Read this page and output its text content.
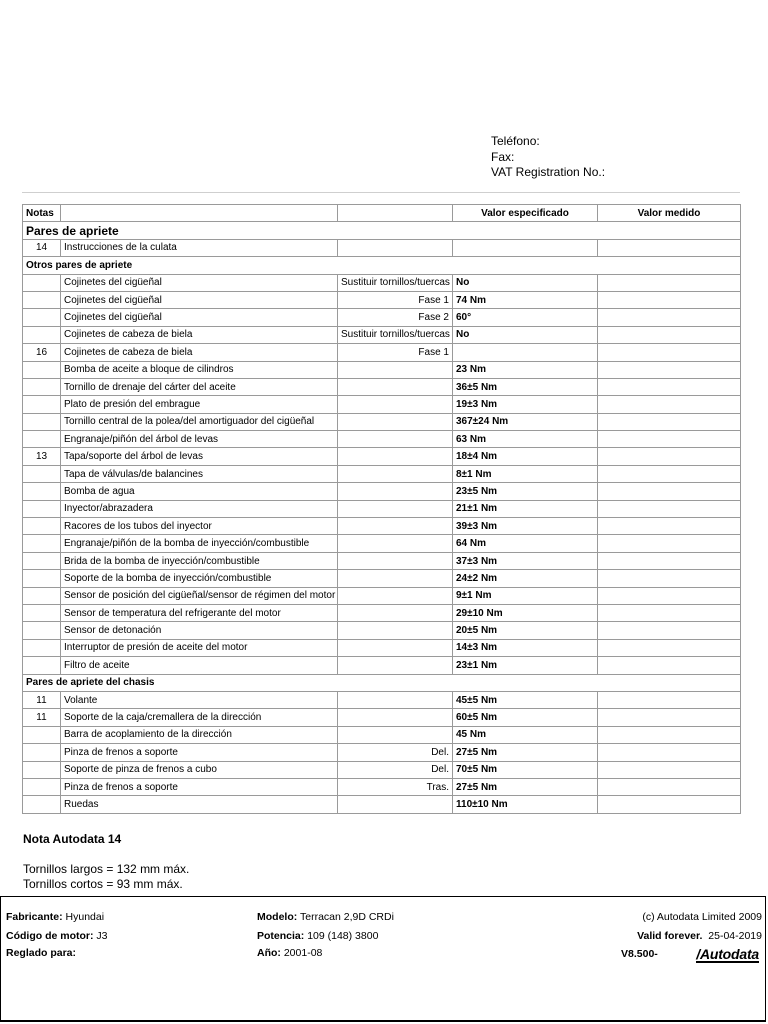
Teléfono:
Fax:
VAT Registration No.:
Notas			Valor especificado	Valor medido
Pares de apriete				
14	Instrucciones de la culata			
Otros pares de apriete				
	Cojinetes del cigüeñal	Sustituir tornillos/tuercas	No	
	Cojinetes del cigüeñal	Fase 1	74 Nm	
	Cojinetes del cigüeñal	Fase 2	60°	
	Cojinetes de cabeza de biela	Sustituir tornillos/tuercas	No	
16	Cojinetes de cabeza de biela	Fase 1		
	Bomba de aceite a bloque de cilindros		23 Nm	
	Tornillo de drenaje del cárter del aceite		36±5 Nm	
	Plato de presión del embrague		19±3 Nm	
	Tornillo central de la polea/del amortiguador del cigüeñal		367±24 Nm	
	Engranaje/piñón del árbol de levas		63 Nm	
13	Tapa/soporte del árbol de levas		18±4 Nm	
	Tapa de válvulas/de balancines		8±1 Nm	
	Bomba de agua		23±5 Nm	
	Inyector/abrazadera		21±1 Nm	
	Racores de los tubos del inyector		39±3 Nm	
	Engranaje/piñón de la bomba de inyección/combustible		64 Nm	
	Brida de la bomba de inyección/combustible		37±3 Nm	
	Soporte de la bomba de inyección/combustible		24±2 Nm	
	Sensor de posición del cigüeñal/sensor de régimen del motor		9±1 Nm	
	Sensor de temperatura del refrigerante del motor		29±10 Nm	
	Sensor de detonación		20±5 Nm	
	Interruptor de presión de aceite del motor		14±3 Nm	
	Filtro de aceite		23±1 Nm	
Pares de apriete del chasis				
11	Volante		45±5 Nm	
11	Soporte de la caja/cremallera de la dirección		60±5 Nm	
	Barra de acoplamiento de la dirección		45 Nm	
	Pinza de frenos a soporte	Del.	27±5 Nm	
	Soporte de pinza de frenos a cubo	Del.	70±5 Nm	
	Pinza de frenos a soporte	Tras.	27±5 Nm	
	Ruedas		110±10 Nm	
Nota Autodata 14
Tornillos largos = 132 mm máx.
Tornillos cortos = 93 mm máx.
Fabricante: Hyundai
Código de motor: J3
Reglado para:
Modelo: Terracan 2,9D CRDi
Potencia: 109 (148) 3800
Año: 2001-08
(c) Autodata Limited 2009
Valid forever. 25-04-2019
V8.500-	/Autodata
